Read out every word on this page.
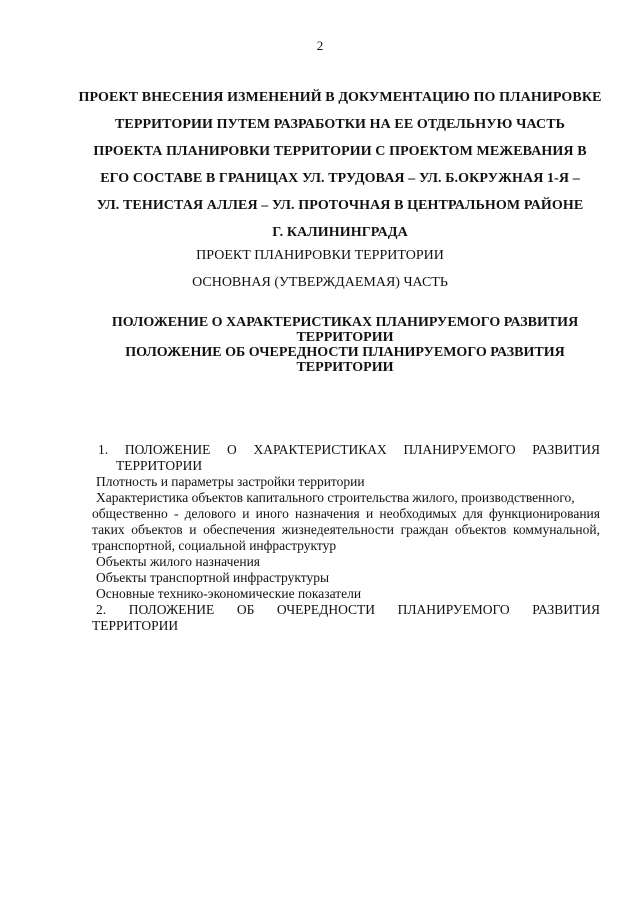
2
ПРОЕКТ ВНЕСЕНИЯ ИЗМЕНЕНИЙ В ДОКУМЕНТАЦИЮ ПО ПЛАНИРОВКЕ
ТЕРРИТОРИИ ПУТЕМ РАЗРАБОТКИ НА ЕЕ ОТДЕЛЬНУЮ ЧАСТЬ
ПРОЕКТА ПЛАНИРОВКИ ТЕРРИТОРИИ С ПРОЕКТОМ МЕЖЕВАНИЯ В
ЕГО СОСТАВЕ В ГРАНИЦАХ УЛ. ТРУДОВАЯ – УЛ. Б.ОКРУЖНАЯ 1-Я –
УЛ. ТЕНИСТАЯ АЛЛЕЯ – УЛ. ПРОТОЧНАЯ В ЦЕНТРАЛЬНОМ РАЙОНЕ
Г. КАЛИНИНГРАДА
ПРОЕКТ ПЛАНИРОВКИ ТЕРРИТОРИИ
ОСНОВНАЯ (УТВЕРЖДАЕМАЯ) ЧАСТЬ
ПОЛОЖЕНИЕ О ХАРАКТЕРИСТИКАХ ПЛАНИРУЕМОГО РАЗВИТИЯ
ТЕРРИТОРИИ
ПОЛОЖЕНИЕ ОБ ОЧЕРЕДНОСТИ ПЛАНИРУЕМОГО РАЗВИТИЯ
ТЕРРИТОРИИ
1. ПОЛОЖЕНИЕ О ХАРАКТЕРИСТИКАХ ПЛАНИРУЕМОГО РАЗВИТИЯ
ТЕРРИТОРИИ
Плотность и параметры застройки территории
Характеристика объектов капитального строительства жилого, производственного,
общественно - делового и иного назначения и необходимых для функционирования
таких объектов и обеспечения жизнедеятельности граждан объектов коммунальной,
транспортной, социальной инфраструктур
Объекты жилого назначения
Объекты транспортной инфраструктуры
Основные технико-экономические показатели
2. ПОЛОЖЕНИЕ ОБ ОЧЕРЕДНОСТИ ПЛАНИРУЕМОГО РАЗВИТИЯ
ТЕРРИТОРИИ
